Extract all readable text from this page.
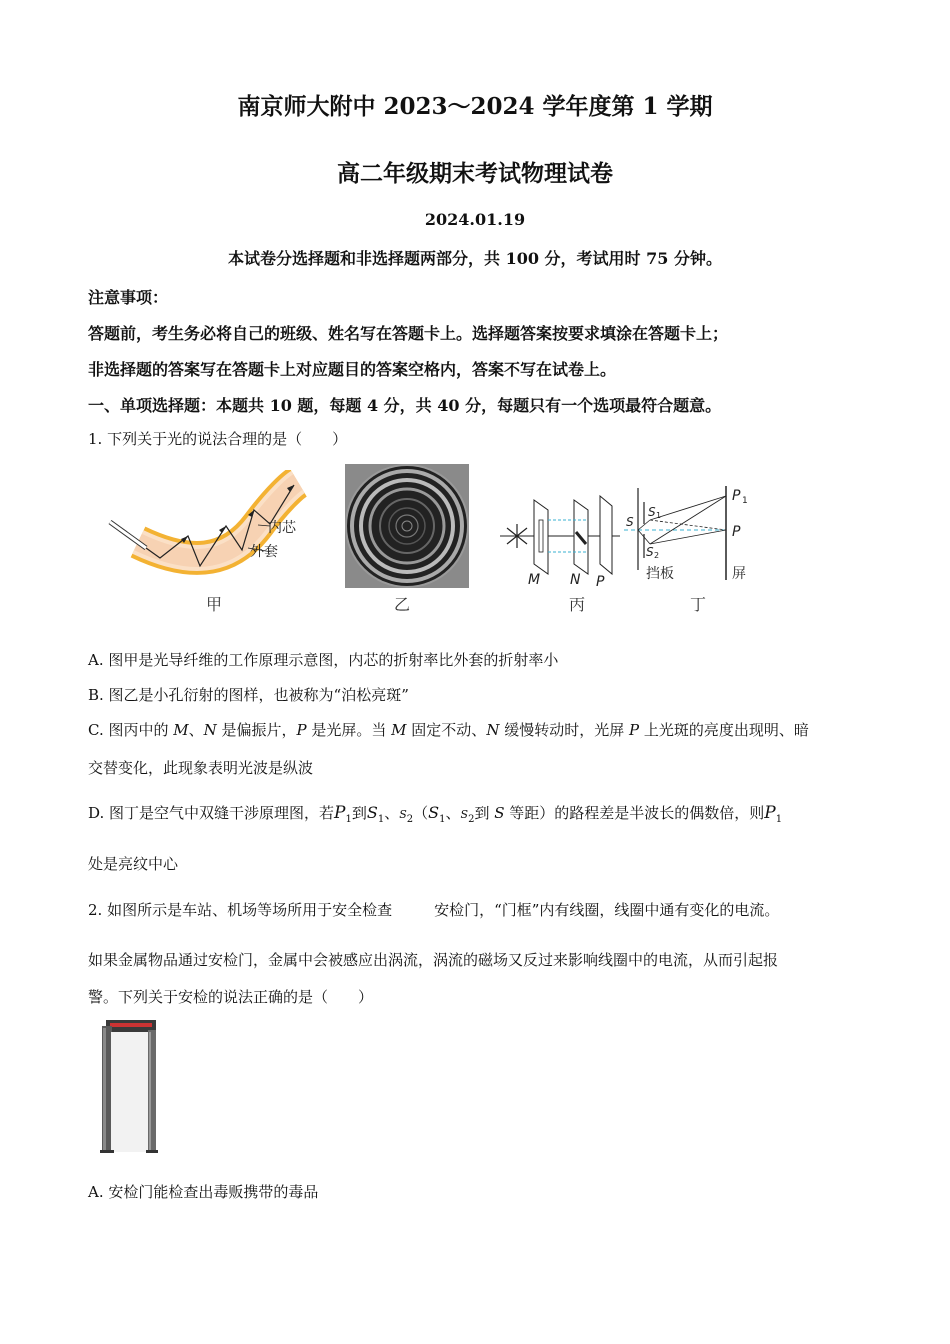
南京师大附中 2023～2024 学年度第 1 学期
高二年级期末考试物理试卷
2024.01.19
本试卷分选择题和非选择题两部分，共 100 分，考试用时 75 分钟。
注意事项：
答题前，考生务必将自己的班级、姓名写在答题卡上。选择题答案按要求填涂在答题卡上；
非选择题的答案写在答题卡上对应题目的答案空格内，答案不写在试卷上。
一、单项选择题：本题共 10 题，每题 4 分，共 40 分，每题只有一个选项最符合题意。
1. 下列关于光的说法合理的是（　　）
内芯
外套
甲	乙
M N P
丙
S
S 1
S 2
P 1
P
挡板	屏
丁
A. 图甲是光导纤维的工作原理示意图，内芯的折射率比外套的折射率小
B. 图乙是小孔衍射的图样，也被称为“泊松亮斑”
C. 图丙中的 M、N 是偏振片，P 是光屏。当 M 固定不动、N 缓慢转动时，光屏 P 上光斑的亮度出现明、暗
交替变化，此现象表明光波是纵波
D. 图丁是空气中双缝干涉原理图，若$P_1$到$S_1$、$S_2(S_1$、$S_2$到 S 等距）的路程差是半波长的偶数倍，则$P_1$
处是亮纹中心
2. 如图所示是车站、机场等场所用于安全检查	安检门，“门框”内有线圈，线圈中通有变化的电流。
如果金属物品通过安检门，金属中会被感应出涡流，涡流的磁场又反过来影响线圈中的电流，从而引起报
警。下列关于安检的说法正确的是（　　）
A. 安检门能检查出毒贩携带的毒品
